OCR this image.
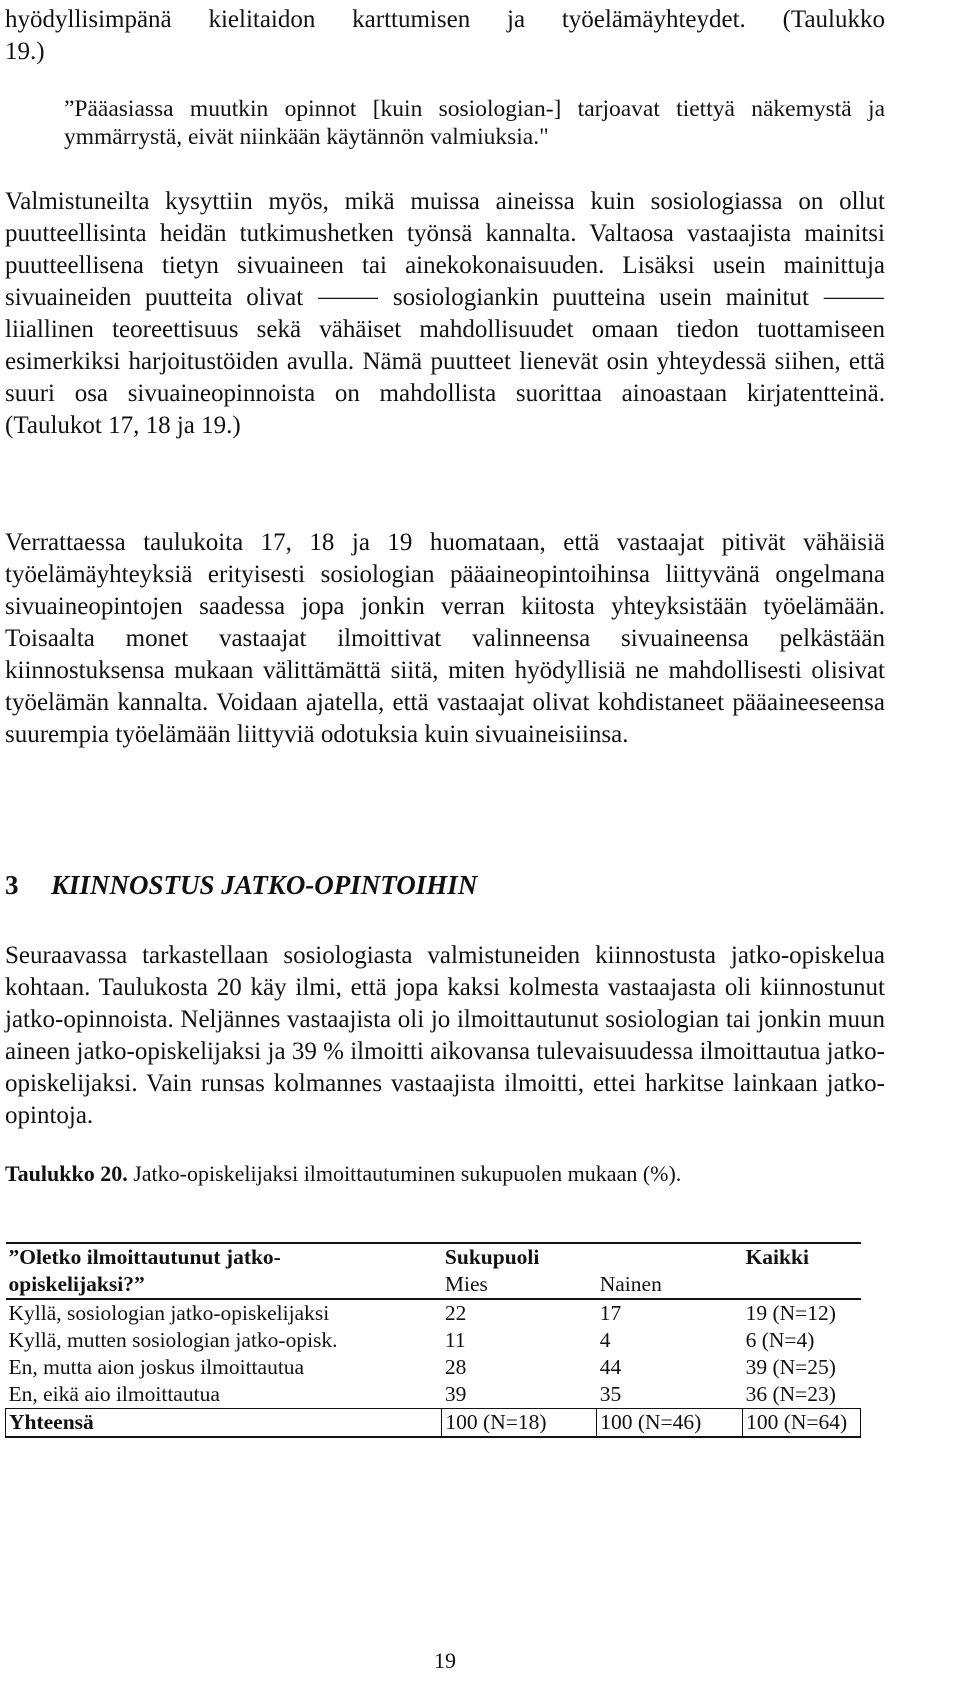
hyödyllisimpänä kielitaidon karttumisen ja työelämäyhteydet. (Taulukko
19.)

”Pääasiassa muutkin opinnot [kuin sosiologian-] tarjoavat tiettyä näkemystä ja ymmärrystä, eivät niinkään käytännön valmiuksia."

Valmistuneilta kysyttiin myös, mikä muissa aineissa kuin sosiologiassa on ollut puutteellisinta heidän tutkimushetken työnsä kannalta. Valtaosa vastaajista mainitsi puutteellisena tietyn sivuaineen tai ainekokonaisuuden. Lisäksi usein mainittuja sivuaineiden puutteita olivat ⸻ sosiologiankin puutteina usein mainitut ⸻ liiallinen teoreettisuus sekä vähäiset mahdollisuudet omaan tiedon tuottamiseen esimerkiksi harjoitustöiden avulla. Nämä puutteet lienevät osin yhteydessä siihen, että suuri osa sivuaineopinnoista on mahdollista suorittaa ainoastaan kirjatentteinä. (Taulukot 17, 18 ja 19.)

Verrattaessa taulukoita 17, 18 ja 19 huomataan, että vastaajat pitivät vähäisiä työelämäyhteyksiä erityisesti sosiologian pääaineopintoihinsa liittyvänä ongelmana sivuaineopintojen saadessa jopa jonkin verran kiitosta yhteyksistään työelämään. Toisaalta monet vastaajat ilmoittivat valinneensa sivuaineensa pelkästään kiinnostuksensa mukaan välittämättä siitä, miten hyödyllisiä ne mahdollisesti olisivat työelämän kannalta. Voidaan ajatella, että vastaajat olivat kohdistaneet pääaineeseensa suurempia työelämään liittyviä odotuksia kuin sivuaineisiinsa.

3 KIINNOSTUS JATKO-OPINTOIHIN

Seuraavassa tarkastellaan sosiologiasta valmistuneiden kiinnostusta jatko-opiskelua kohtaan. Taulukosta 20 käy ilmi, että jopa kaksi kolmesta vastaajasta oli kiinnostunut jatko-opinnoista. Neljännes vastaajista oli jo ilmoittautunut sosiologian tai jonkin muun aineen jatko-opiskelijaksi ja 39 % ilmoitti aikovansa tulevaisuudessa ilmoittautua jatko-opiskelijaksi. Vain runsas kolmannes vastaajista ilmoitti, ettei harkitse lainkaan jatko-opintoja.

Taulukko 20. Jatko-opiskelijaksi ilmoittautuminen sukupuolen mukaan (%).

”Oletko ilmoittautunut jatko-	Sukupuoli		Kaikki
opiskelijaksi?”	Mies	Nainen	
Kyllä, sosiologian jatko-opiskelijaksi	22	17	19 (N=12)
Kyllä, mutten sosiologian jatko-opisk.	11	4	6 (N=4)
En, mutta aion joskus ilmoittautua	28	44	39 (N=25)
En, eikä aio ilmoittautua	39	35	36 (N=23)
Yhteensä	100 (N=18)	100 (N=46)	100 (N=64)

19
